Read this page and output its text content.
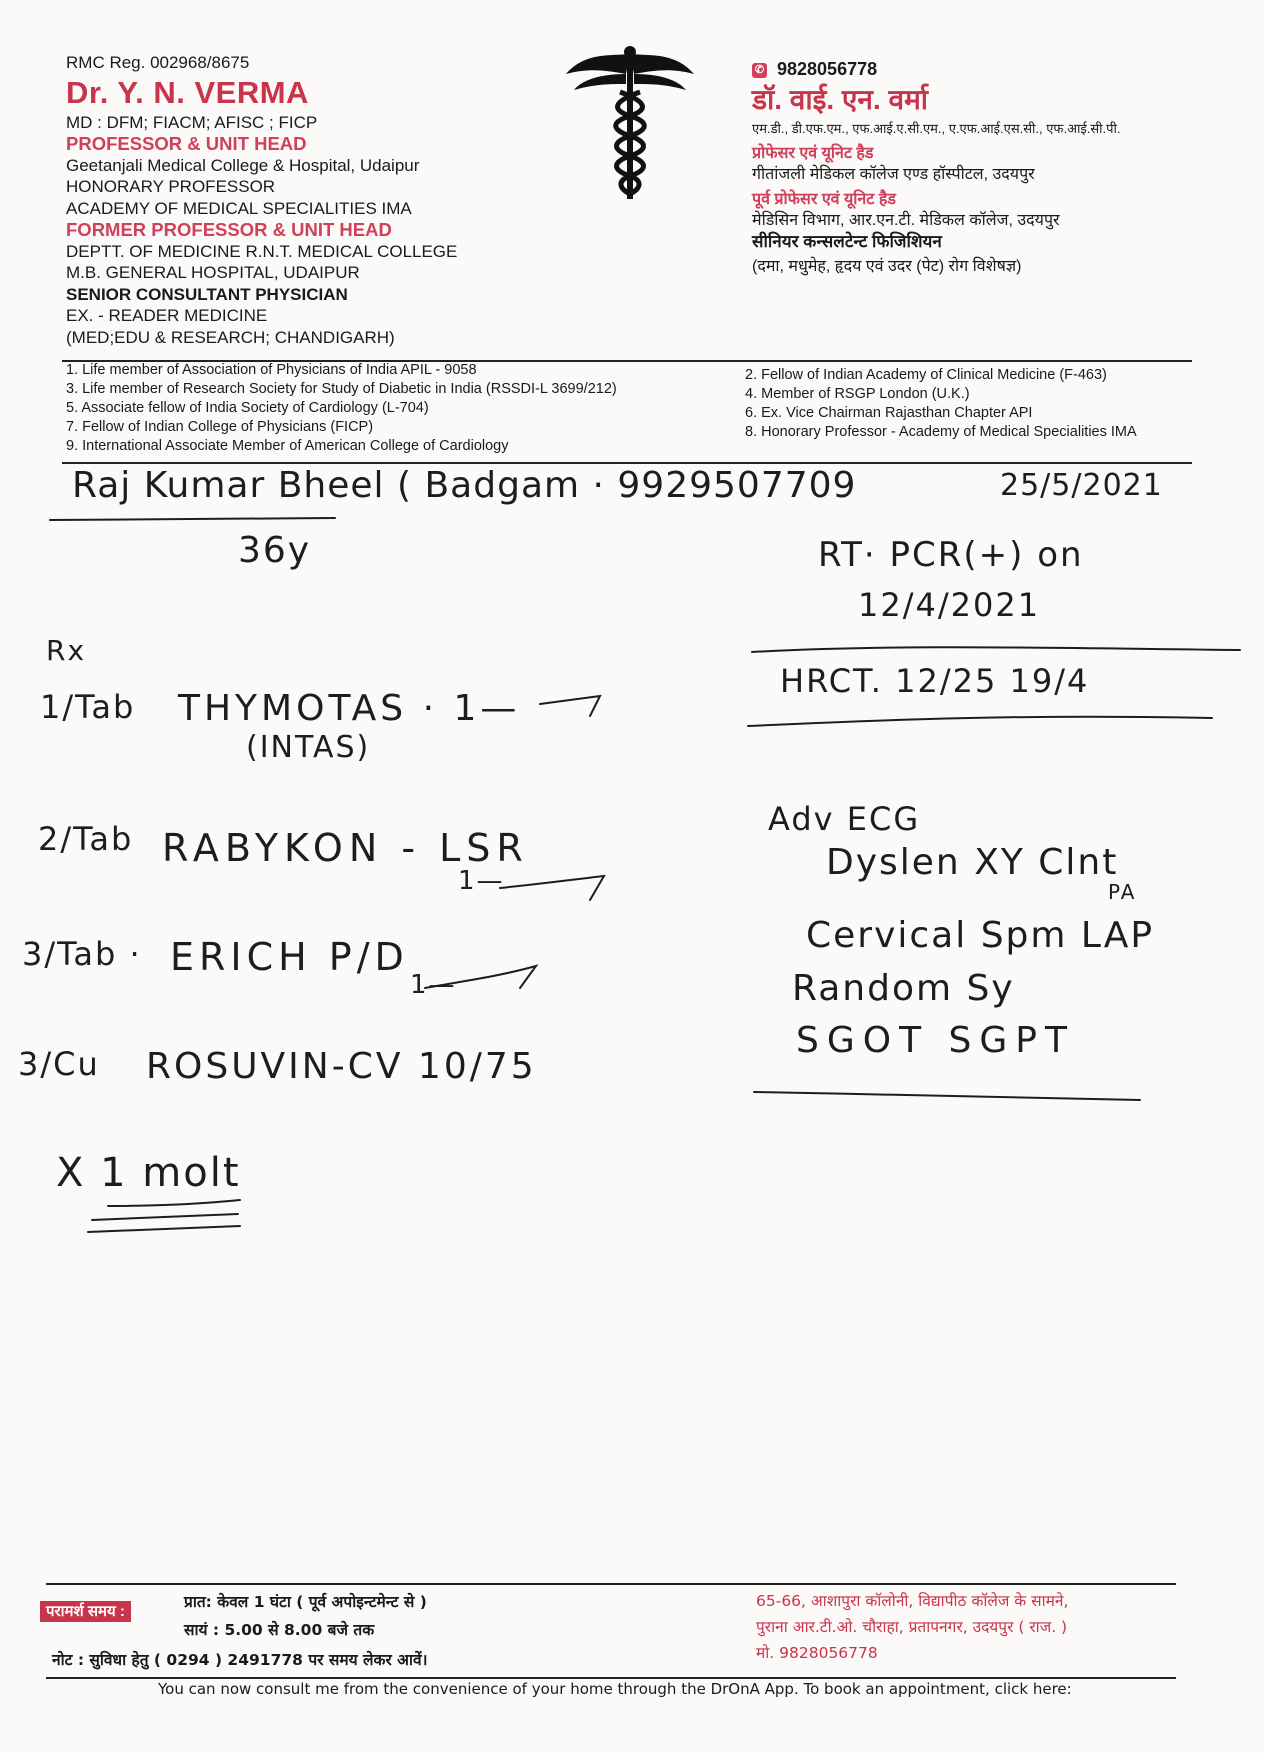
RMC Reg. 002968/8675
Dr. Y. N. VERMA
MD : DFM; FIACM; AFISC ; FICP
PROFESSOR & UNIT HEAD
Geetanjali Medical College & Hospital, Udaipur
HONORARY PROFESSOR
ACADEMY OF MEDICAL SPECIALITIES IMA
FORMER PROFESSOR & UNIT HEAD
DEPTT. OF MEDICINE R.N.T. MEDICAL COLLEGE
M.B. GENERAL HOSPITAL, UDAIPUR
SENIOR CONSULTANT PHYSICIAN
EX. - READER MEDICINE
(MED;EDU & RESEARCH; CHANDIGARH)
✆ 9828056778
डॉ. वाई. एन. वर्मा
एम.डी., डी.एफ.एम., एफ.आई.ए.सी.एम., ए.एफ.आई.एस.सी., एफ.आई.सी.पी.
प्रोफेसर एवं यूनिट हैड
गीतांजली मेडिकल कॉलेज एण्ड हॉस्पीटल, उदयपुर
पूर्व प्रोफेसर एवं यूनिट हैड
मेडिसिन विभाग, आर.एन.टी. मेडिकल कॉलेज, उदयपुर
सीनियर कन्सलटेन्ट फिजिशियन
(दमा, मधुमेह, हृदय एवं उदर (पेट) रोग विशेषज्ञ)
1. Life member of Association of Physicians of India APIL - 9058
3. Life member of Research Society for Study of Diabetic in India (RSSDI-L 3699/212)
5. Associate fellow of India Society of Cardiology (L-704)
7. Fellow of Indian College of Physicians (FICP)
9. International Associate Member of American College of Cardiology
2. Fellow of Indian Academy of Clinical Medicine (F-463)
4. Member of RSGP London (U.K.)
6. Ex. Vice Chairman Rajasthan Chapter API
8. Honorary Professor - Academy of Medical Specialities IMA
Raj Kumar Bheel ( Badgam · 9929507709	25/5/2021
36y	RT· PCR(+) on
12/4/2021
HRCT. 12/25 19/4
Rx
1/Tab THYMOTAS · 1—
(INTAS)
2/Tab RABYKON - LSR
1—
3/Tab · ERICH P/D
1—
3/Cu ROSUVIN-CV 10/75
X 1 molt
Adv ECG
Dyslen XY Clnt
PA
Cervical Spm LAP
Random Sy
SGOT SGPT
परामर्श समय :
प्रात: केवल 1 घंटा ( पूर्व अपोइन्टमेन्ट से )
सायं : 5.00 से 8.00 बजे तक
नोट : सुविधा हेतु ( 0294 ) 2491778 पर समय लेकर आवें।
65-66, आशापुरा कॉलोनी, विद्यापीठ कॉलेज के सामने,
पुराना आर.टी.ओ. चौराहा, प्रतापनगर, उदयपुर ( राज. )
मो. 9828056778
You can now consult me from the convenience of your home through the DrOnA App. To book an appointment, click here:
